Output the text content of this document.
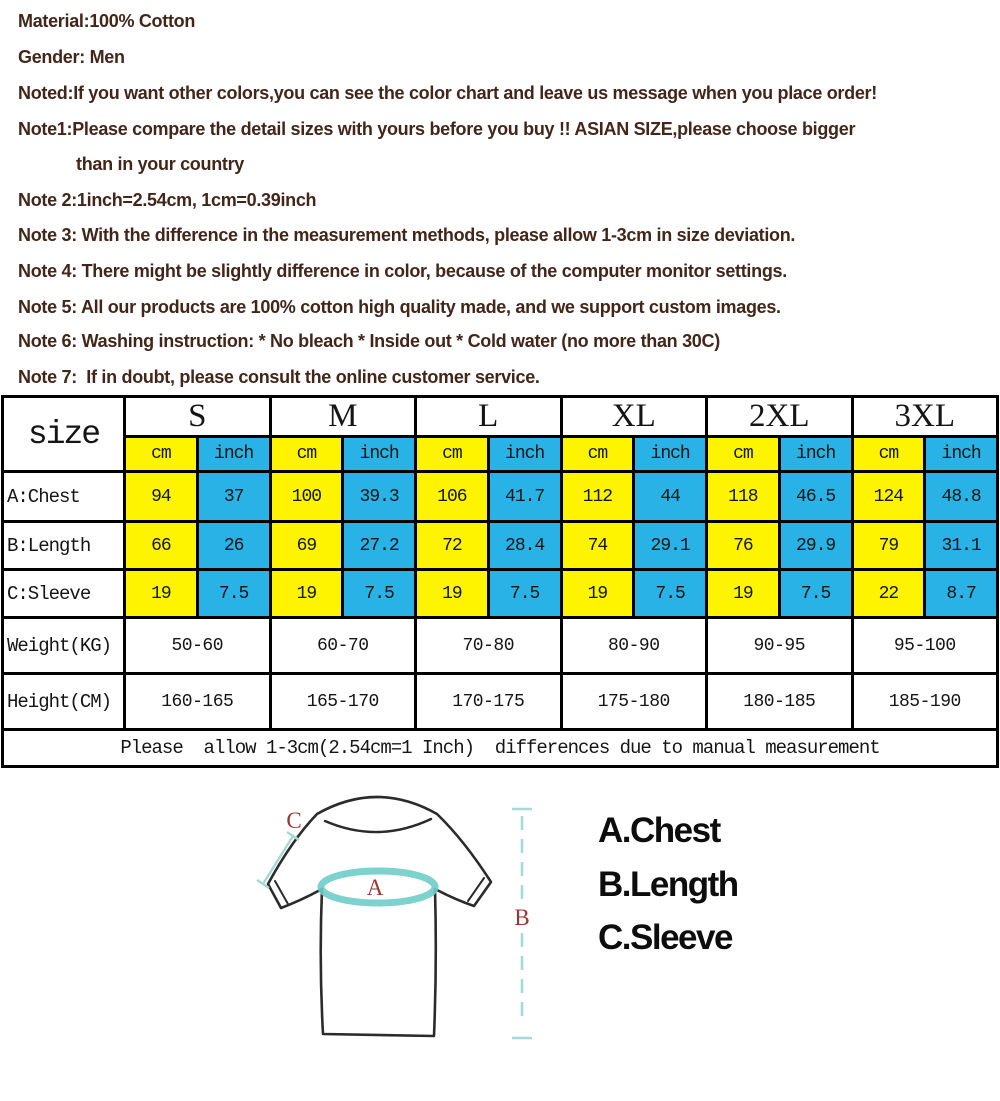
Material:100% Cotton
Gender: Men
Noted:If you want other colors,you can see the color chart and leave us message when you place order!
Note1:Please compare the detail sizes with yours before you buy !! ASIAN SIZE,please choose bigger
than in your country
Note 2:1inch=2.54cm, 1cm=0.39inch
Note 3: With the difference in the measurement methods, please allow 1-3cm in size deviation.
Note 4: There might be slightly difference in color, because of the computer monitor settings.
Note 5: All our products are 100% cotton high quality made, and we support custom images.
Note 6: Washing instruction: * No bleach * Inside out * Cold water (no more than 30C)
Note 7:  If in doubt, please consult the online customer service.
size	S		M		L		XL		2XL		3XL	
	cm	inch	cm	inch	cm	inch	cm	inch	cm	inch	cm	inch
A:Chest	94	37	100	39.3	106	41.7	112	44	118	46.5	124	48.8
B:Length	66	26	69	27.2	72	28.4	74	29.1	76	29.9	79	31.1
C:Sleeve	19	7.5	19	7.5	19	7.5	19	7.5	19	7.5	22	8.7
Weight(KG)	50-60		60-70		70-80		80-90		90-95		95-100	
Height(CM)	160-165		165-170		170-175		175-180		180-185		185-190	
Please  allow 1-3cm(2.54cm=1 Inch)  differences due to manual measurement												
A
B
C	A.Chest
B.Length
C.Sleeve
